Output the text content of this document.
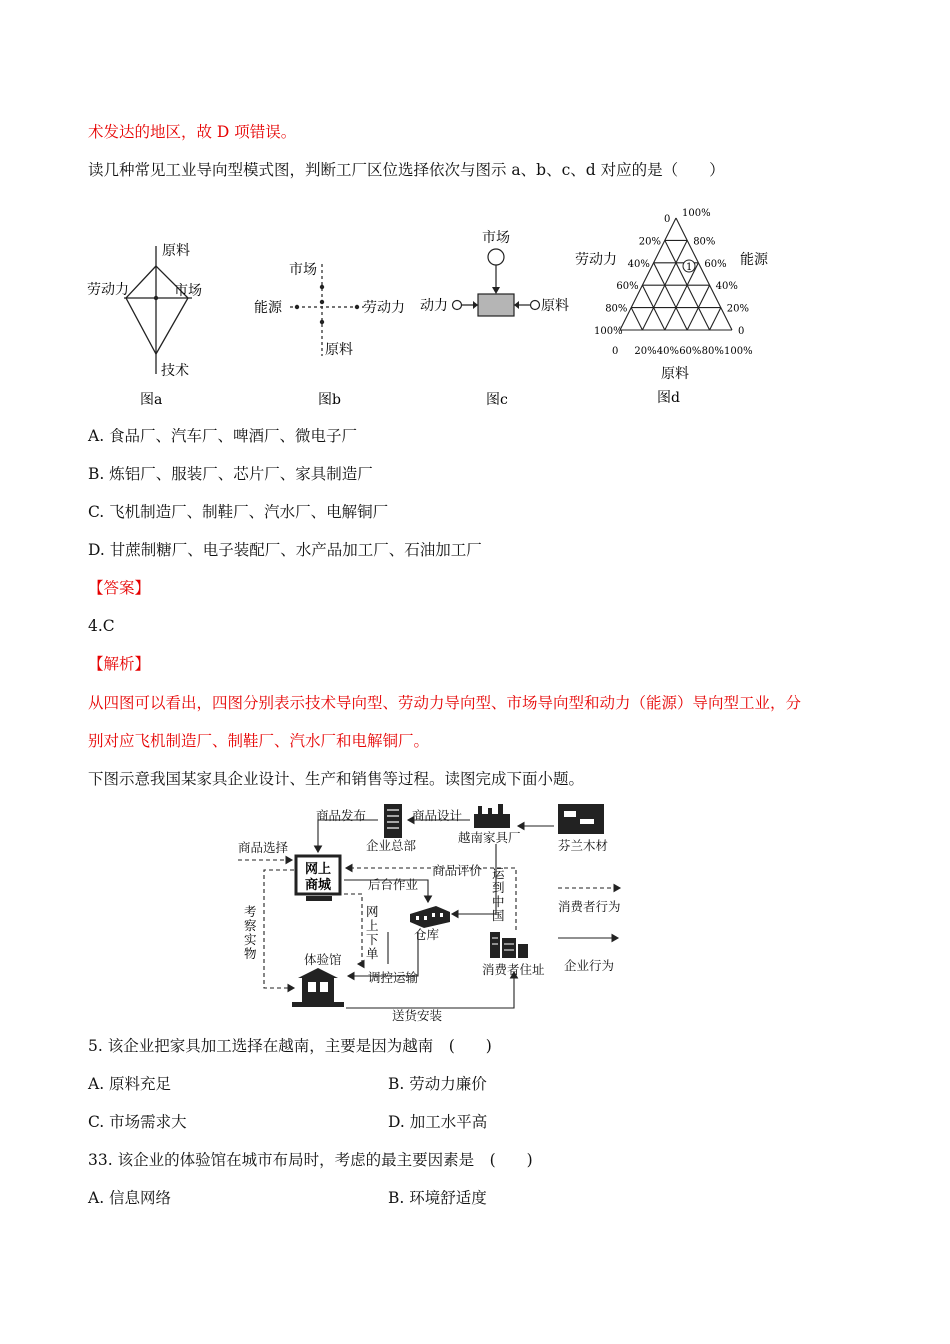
术发达的地区，故 D 项错误。
读几种常见工业导向型模式图，判断工厂区位选择依次与图示 a、b、c、d 对应的是（　　）
原料
劳动力	市场
技术
图a
市场
能源	劳动力
原料
图b
市场
动力	原料
图c
0
20%
40%
60%
80%
100%
100%
80%
60%
40%
20%
0
0 20% 40% 60% 80% 100%
1
劳动力	能源
原料
图d
A. 食品厂、汽车厂、啤酒厂、微电子厂
B. 炼铝厂、服装厂、芯片厂、家具制造厂
C. 飞机制造厂、制鞋厂、汽水厂、电解铜厂
D. 甘蔗制糖厂、电子装配厂、水产品加工厂、石油加工厂
【答案】
4.C
【解析】
从四图可以看出，四图分别表示技术导向型、劳动力导向型、市场导向型和动力（能源）导向型工业，分
别对应飞机制造厂、制鞋厂、汽水厂和电解铜厂。
下图示意我国某家具企业设计、生产和销售等过程。读图完成下面小题。
商品发布	商品设计
企业总部
越南家具厂
芬兰木材
商品选择
后台作业
商品评价
仓库
体验馆
调控运输
消费者住址
送货安装
消费者行为
企业行为
考察实物
网上下单
运到中国
网上
商城
5. 该企业把家具加工选择在越南，主要是因为越南　(　　)
A. 原料充足	B. 劳动力廉价
C. 市场需求大	D. 加工水平高
33. 该企业的体验馆在城市布局时，考虑的最主要因素是　(　　)
A. 信息网络	B. 环境舒适度
